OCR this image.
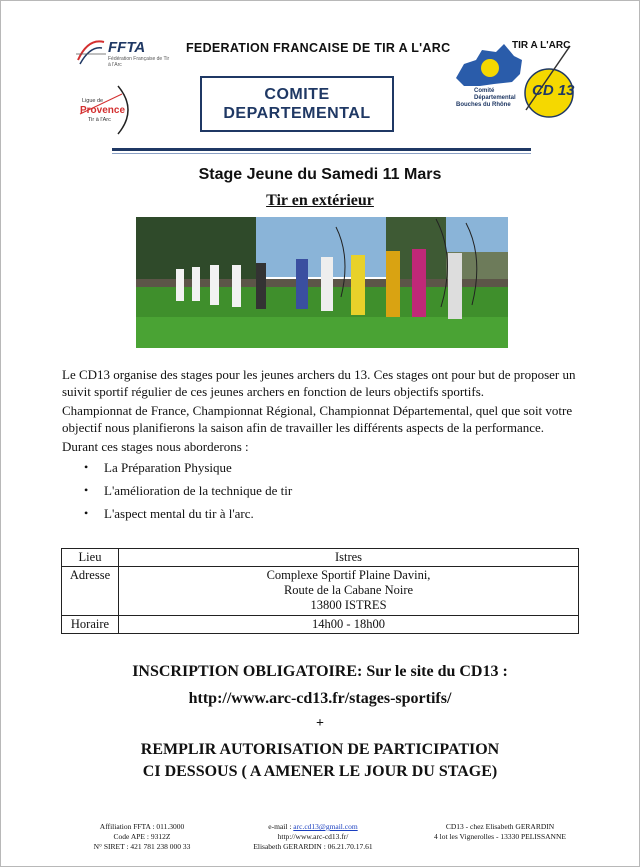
FFTA
Fédération Française de Tir à l'Arc
Ligue de
Provence
Tir à l'Arc
FEDERATION FRANCAISE DE TIR A L'ARC
COMITE
DEPARTEMENTAL
TIR A L'ARC
CD 13
Comité
Départemental
Bouches du Rhône
Stage Jeune du Samedi 11 Mars
Tir en extérieur
Le CD13 organise des stages pour les jeunes archers du 13. Ces stages ont pour but de proposer un suivit sportif régulier de ces jeunes archers en fonction de leurs objectifs sportifs.
Championnat de France, Championnat Régional, Championnat Départemental, quel que soit votre objectif nous planifierons la saison afin de travailler les différents aspects de la performance.
Durant ces stages nous aborderons :
• La Préparation Physique
• L'amélioration de la technique de tir
• L'aspect mental du tir à l'arc.
Lieu	Istres
Adresse	Complexe Sportif Plaine Davini,
Route de la Cabane Noire
13800 ISTRES

Horaire	14h00 - 18h00
INSCRIPTION OBLIGATOIRE: Sur le site du CD13 :
http://www.arc-cd13.fr/stages-sportifs/
+
REMPLIR AUTORISATION DE PARTICIPATION
CI DESSOUS ( A AMENER LE JOUR DU STAGE)
Affiliation FFTA : 011.3000
Code APE : 9312Z
N° SIRET : 421 781 238 000 33
e-mail : arc.cd13@gmail.com
http://www.arc-cd13.fr/
Elisabeth GERARDIN : 06.21.70.17.61
CD13 - chez Elisabeth GERARDIN
4 lot les Vignerolles - 13330 PELISSANNE
